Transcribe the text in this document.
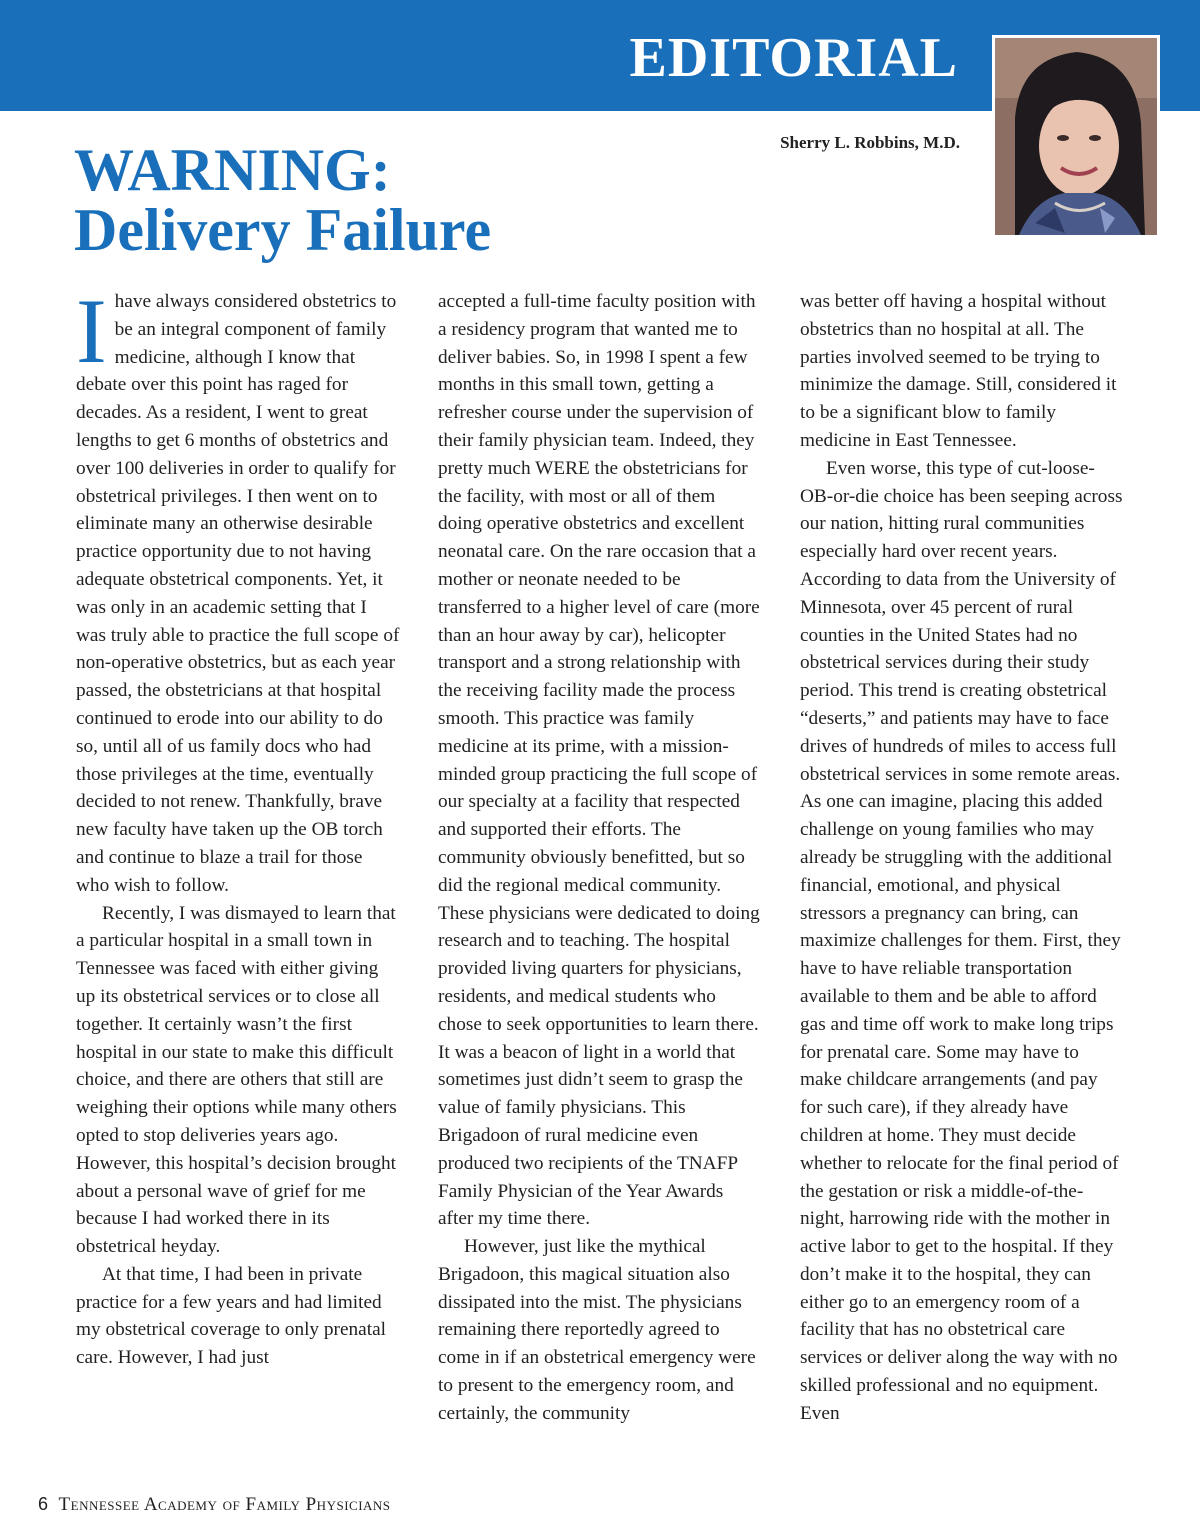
EDITORIAL
Sherry L. Robbins, M.D.
WARNING:
Delivery Failure

Ihave always considered obstetrics to be an integral component of family medicine, although I know that debate over this point has raged for decades. As a resident, I went to great lengths to get 6 months of obstetrics and over 100 deliveries in order to qualify for obstetrical privileges. I then went on to eliminate many an otherwise desirable practice opportunity due to not having adequate obstetrical components. Yet, it was only in an academic setting that I was truly able to practice the full scope of non-operative obstetrics, but as each year passed, the obstetricians at that hospital continued to erode into our ability to do so, until all of us family docs who had those privileges at the time, eventually decided to not renew. Thankfully, brave new faculty have taken up the OB torch and continue to blaze a trail for those who wish to follow.

Recently, I was dismayed to learn that a particular hospital in a small town in Tennessee was faced with either giving up its obstetrical services or to close all together. It certainly wasn’t the first hospital in our state to make this difficult choice, and there are others that still are weighing their options while many others opted to stop deliveries years ago. However, this hospital’s decision brought about a personal wave of grief for me because I had worked there in its obstetrical heyday.

At that time, I had been in private practice for a few years and had limited my obstetrical coverage to only prenatal care. However, I had just

accepted a full-time faculty position with a residency program that wanted me to deliver babies. So, in 1998 I spent a few months in this small town, getting a refresher course under the supervision of their family physician team. Indeed, they pretty much WERE the obstetricians for the facility, with most or all of them doing operative obstetrics and excellent neonatal care. On the rare occasion that a mother or neonate needed to be transferred to a higher level of care (more than an hour away by car), helicopter transport and a strong relationship with the receiving facility made the process smooth. This practice was family medicine at its prime, with a mission-minded group practicing the full scope of our specialty at a facility that respected and supported their efforts. The community obviously benefitted, but so did the regional medical community. These physicians were dedicated to doing research and to teaching. The hospital provided living quarters for physicians, residents, and medical students who chose to seek opportunities to learn there. It was a beacon of light in a world that sometimes just didn’t seem to grasp the value of family physicians. This Brigadoon of rural medicine even produced two recipients of the TNAFP Family Physician of the Year Awards after my time there.

However, just like the mythical Brigadoon, this magical situation also dissipated into the mist. The physicians remaining there reportedly agreed to come in if an obstetrical emergency were to present to the emergency room, and certainly, the community

was better off having a hospital without obstetrics than no hospital at all. The parties involved seemed to be trying to minimize the damage. Still, considered it to be a significant blow to family medicine in East Tennessee.

Even worse, this type of cut-loose-OB-or-die choice has been seeping across our nation, hitting rural communities especially hard over recent years. According to data from the University of Minnesota, over 45 percent of rural counties in the United States had no obstetrical services during their study period. This trend is creating obstetrical “deserts,” and patients may have to face drives of hundreds of miles to access full obstetrical services in some remote areas. As one can imagine, placing this added challenge on young families who may already be struggling with the additional financial, emotional, and physical stressors a pregnancy can bring, can maximize challenges for them. First, they have to have reliable transportation available to them and be able to afford gas and time off work to make long trips for prenatal care. Some may have to make childcare arrangements (and pay for such care), if they already have children at home. They must decide whether to relocate for the final period of the gestation or risk a middle-of-the-night, harrowing ride with the mother in active labor to get to the hospital. If they don’t make it to the hospital, they can either go to an emergency room of a facility that has no obstetrical care services or deliver along the way with no skilled professional and no equipment. Even

6 Tennessee Academy of Family Physicians
